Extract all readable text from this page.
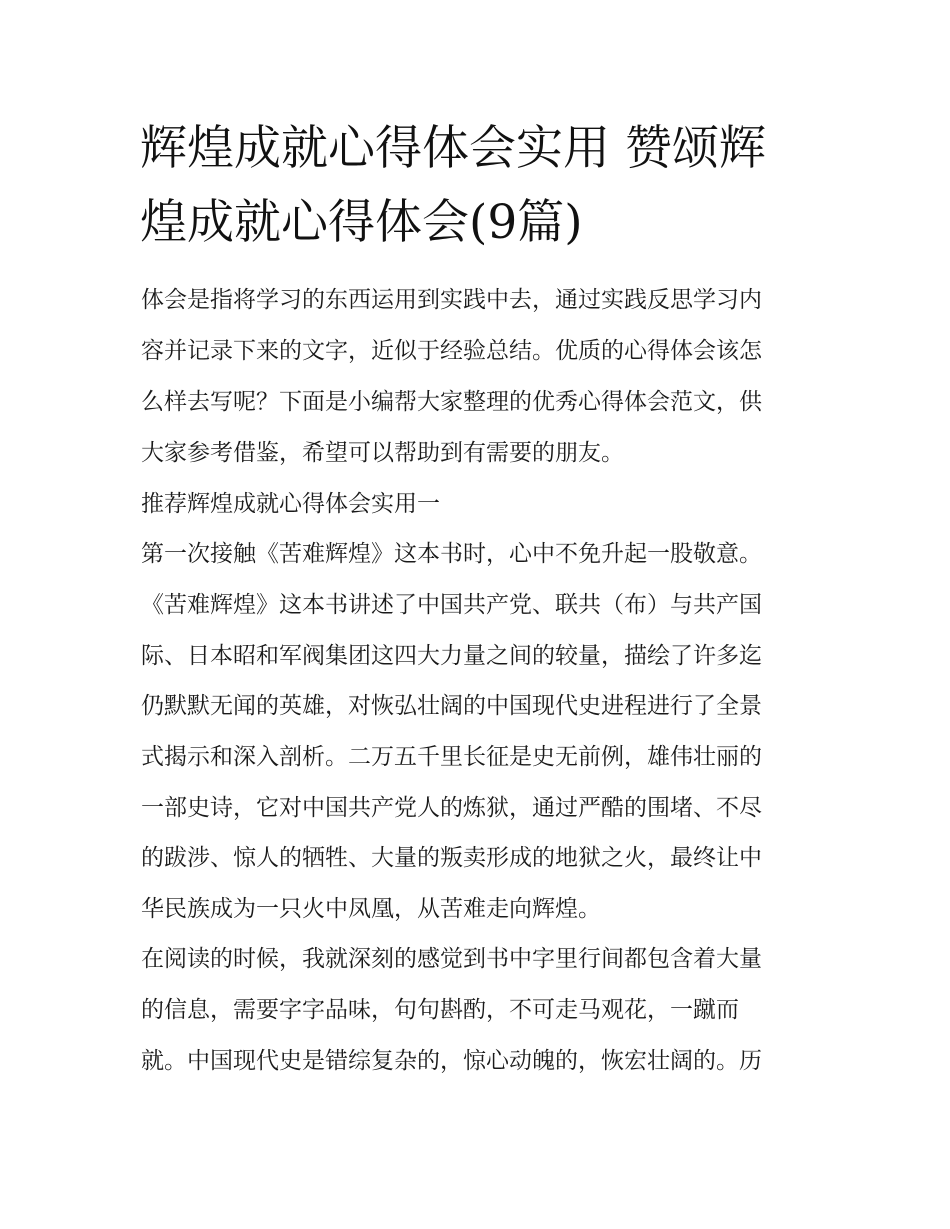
辉煌成就心得体会实用 赞颂辉
煌成就心得体会(9篇)

体会是指将学习的东西运用到实践中去，通过实践反思学习内

容并记录下来的文字，近似于经验总结。优质的心得体会该怎

么样去写呢？下面是小编帮大家整理的优秀心得体会范文，供

大家参考借鉴，希望可以帮助到有需要的朋友。

推荐辉煌成就心得体会实用一

第一次接触《苦难辉煌》这本书时，心中不免升起一股敬意。

《苦难辉煌》这本书讲述了中国共产党、联共（布）与共产国

际、日本昭和军阀集团这四大力量之间的较量，描绘了许多迄

仍默默无闻的英雄，对恢弘壮阔的中国现代史进程进行了全景

式揭示和深入剖析。二万五千里长征是史无前例，雄伟壮丽的

一部史诗，它对中国共产党人的炼狱，通过严酷的围堵、不尽

的跋涉、惊人的牺牲、大量的叛卖形成的地狱之火，最终让中

华民族成为一只火中凤凰，从苦难走向辉煌。

在阅读的时候，我就深刻的感觉到书中字里行间都包含着大量

的信息，需要字字品味，句句斟酌，不可走马观花，一蹴而

就。中国现代史是错综复杂的，惊心动魄的，恢宏壮阔的。历
